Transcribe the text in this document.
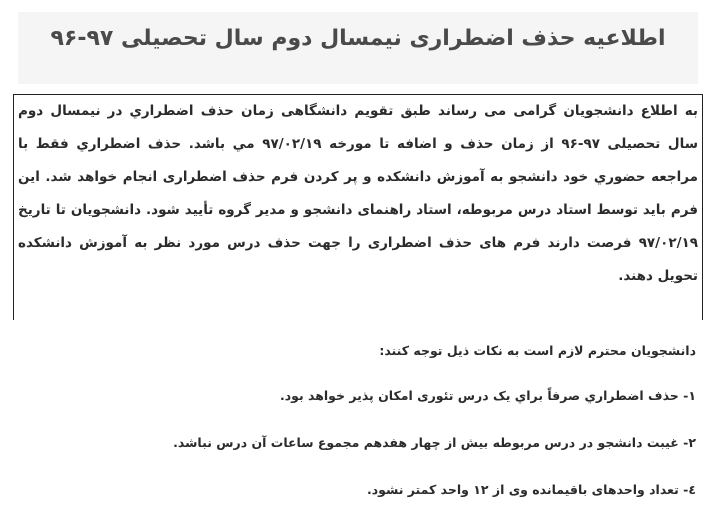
اطلاعیه حذف اضطراری نیمسال دوم سال تحصیلی ۹۷-۹۶

به اطلاع دانشجويان گرامی می رساند طبق تقويم دانشگاهی زمان حذف اضطراري در نيمسال دوم سال تحصيلی ۹۷-۹۶ از زمان حذف و اضافه تا مورخه ۹۷/۰۲/۱۹ مي باشد. حذف اضطراري فقط با مراجعه حضوري خود دانشجو به آموزش دانشكده و پر كردن فرم حذف اضطراری انجام خواهد شد. اين فرم بايد توسط استاد درس مربوطه، استاد راهنمای دانشجو و مدير گروه تأييد شود. دانشجويان تا تاريخ ۹۷/۰۲/۱۹ فرصت دارند فرم های حذف اضطراری را جهت حذف درس مورد نظر به آموزش دانشكده تحويل دهند.

دانشجويان محترم لازم است به نكات ذيل توجه كنند:

۱- حذف اضطراري صرفاً براي يک درس تئوری امكان پذير خواهد بود.
۲- غيبت دانشجو در درس مربوطه بيش از چهار هفدهم مجموع ساعات آن درس نباشد.
٤- تعداد واحدهای باقیمانده وی از ۱۲ واحد کمتر نشود.
